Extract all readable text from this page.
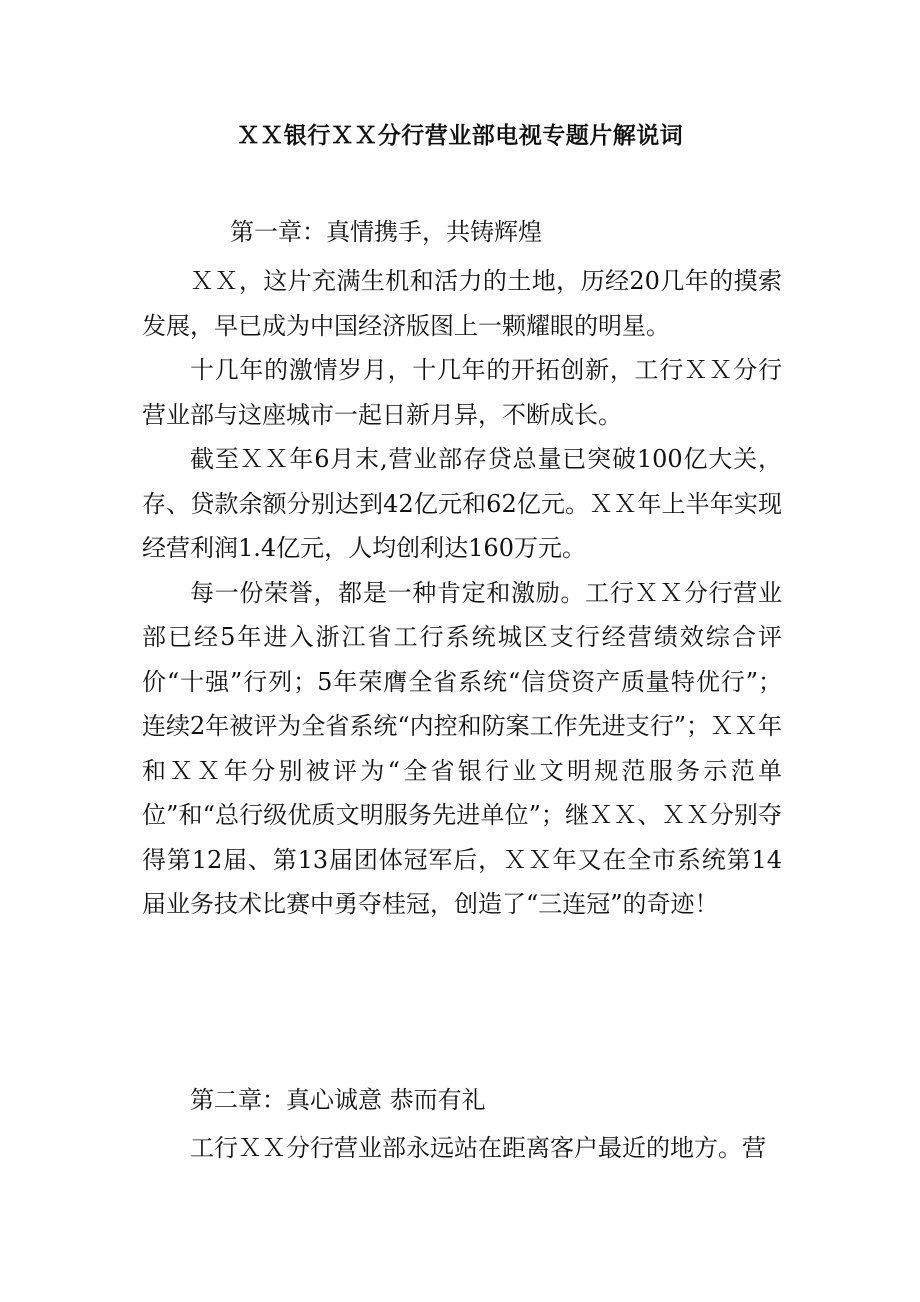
ＸＸ银行ＸＸ分行营业部电视专题片解说词
第一章：真情携手，共铸辉煌

ＸＸ，这片充满生机和活力的土地，历经20几年的摸索发展，早已成为中国经济版图上一颗耀眼的明星。

十几年的激情岁月，十几年的开拓创新，工行ＸＸ分行营业部与这座城市一起日新月异，不断成长。

截至ＸＸ年6月末,营业部存贷总量已突破100亿大关，存、贷款余额分别达到42亿元和62亿元。ＸＸ年上半年实现经营利润1.4亿元，人均创利达160万元。

每一份荣誉，都是一种肯定和激励。工行ＸＸ分行营业部已经5年进入浙江省工行系统城区支行经营绩效综合评价“十强”行列；5年荣膺全省系统“信贷资产质量特优行”；连续2年被评为全省系统“内控和防案工作先进支行”；ＸＸ年和ＸＸ年分别被评为“全省银行业文明规范服务示范单位”和“总行级优质文明服务先进单位”；继ＸＸ、ＸＸ分别夺得第12届、第13届团体冠军后，ＸＸ年又在全市系统第14届业务技术比赛中勇夺桂冠，创造了“三连冠”的奇迹！

第二章：真心诚意 恭而有礼

工行ＸＸ分行营业部永远站在距离客户最近的地方。营
